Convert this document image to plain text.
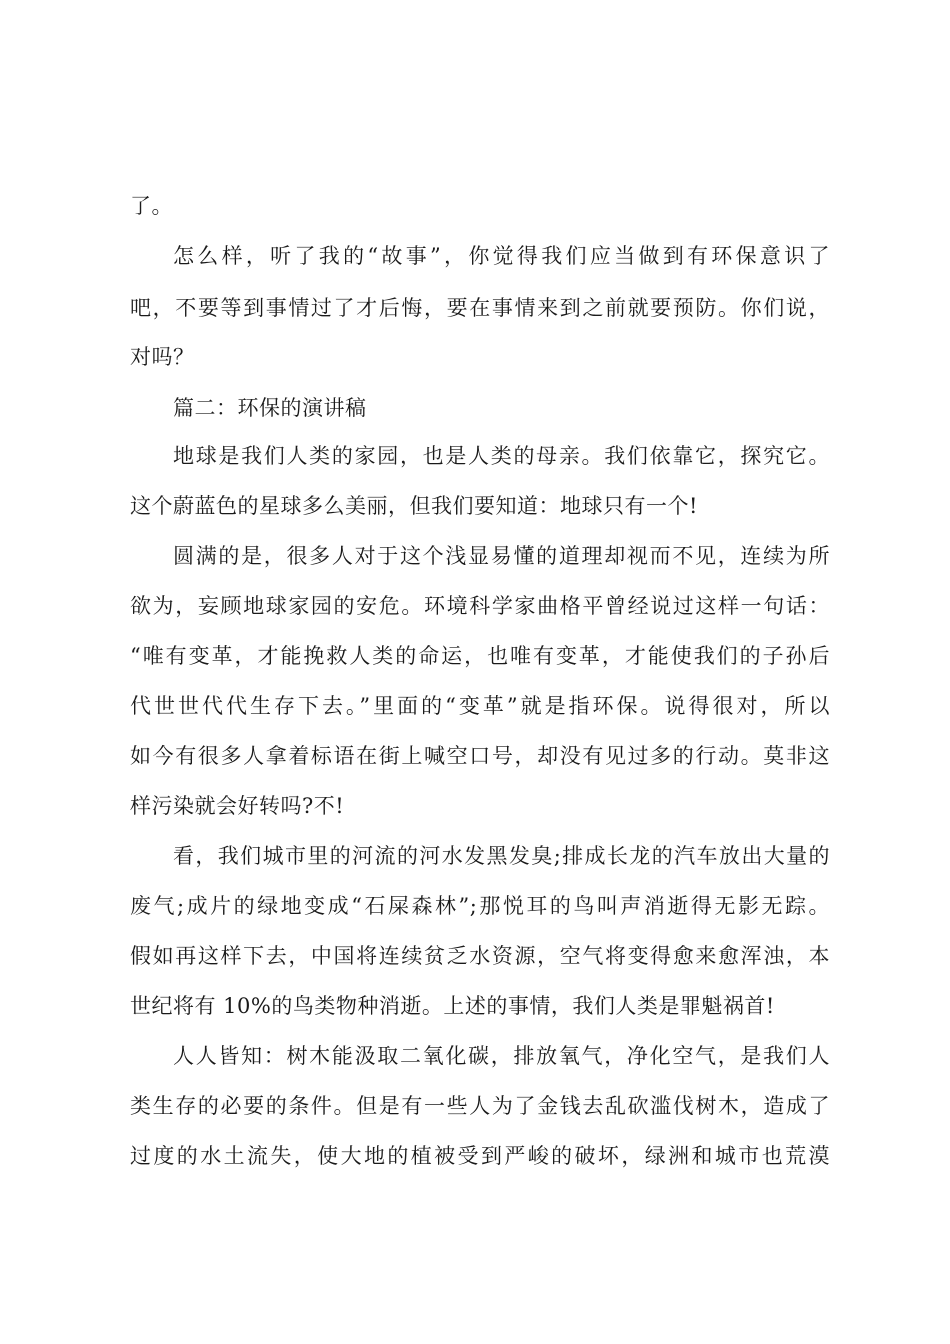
了。
怎么样，听了我的“故事”，你觉得我们应当做到有环保意识了
吧，不要等到事情过了才后悔，要在事情来到之前就要预防。你们说，
对吗？
篇二：环保的演讲稿
地球是我们人类的家园，也是人类的母亲。我们依靠它，探究它。
这个蔚蓝色的星球多么美丽，但我们要知道：地球只有一个!
圆满的是，很多人对于这个浅显易懂的道理却视而不见，连续为所
欲为，妄顾地球家园的安危。环境科学家曲格平曾经说过这样一句话：
“唯有变革，才能挽救人类的命运，也唯有变革，才能使我们的子孙后
代世世代代生存下去。”里面的“变革”就是指环保。说得很对，所以
如今有很多人拿着标语在街上喊空口号，却没有见过多的行动。莫非这
样污染就会好转吗?不!
看，我们城市里的河流的河水发黑发臭;排成长龙的汽车放出大量的
废气;成片的绿地变成“石屎森林”;那悦耳的鸟叫声消逝得无影无踪。
假如再这样下去，中国将连续贫乏水资源，空气将变得愈来愈浑浊，本
世纪将有 10%的鸟类物种消逝。上述的事情，我们人类是罪魁祸首!
人人皆知：树木能汲取二氧化碳，排放氧气，净化空气，是我们人
类生存的必要的条件。但是有一些人为了金钱去乱砍滥伐树木，造成了
过度的水土流失，使大地的植被受到严峻的破坏，绿洲和城市也荒漠
